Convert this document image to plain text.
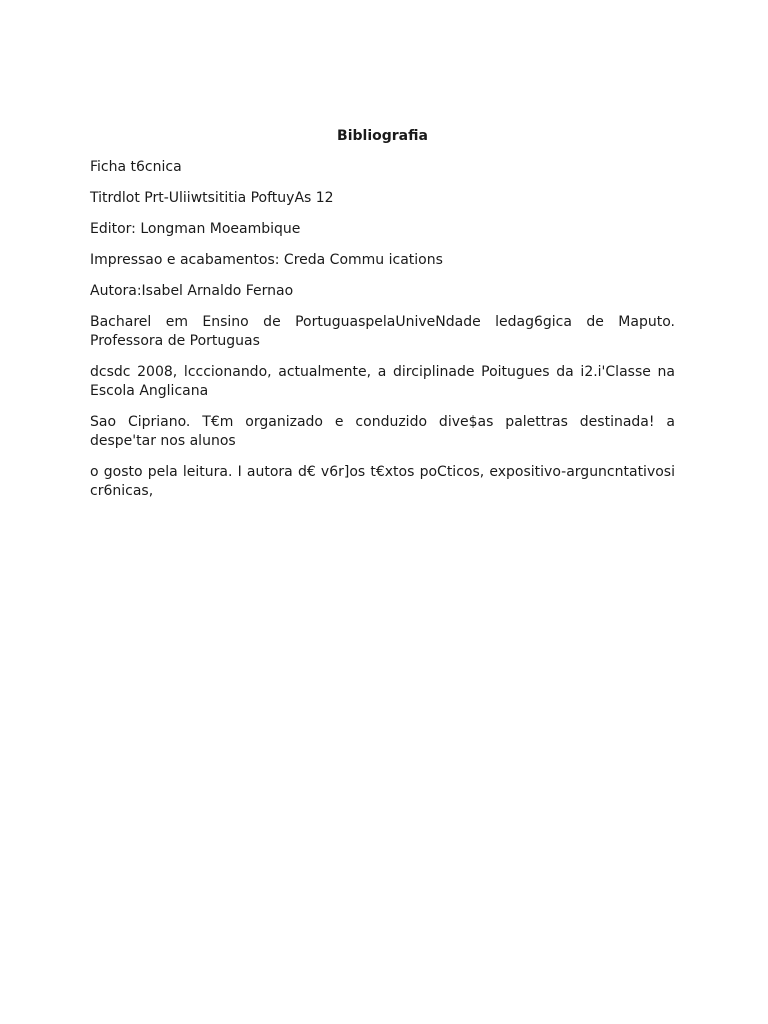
Bibliografia
Ficha t6cnica
Titrdlot Prt-Uliiwtsititia PoftuyAs 12
Editor: Longman Moeambique
Impressao e acabamentos: Creda Commu ications
Autora:Isabel Arnaldo Fernao
Bacharel em Ensino de PortuguaspelaUniveNdade ledag6gica de Maputo. Professora de Portuguas
dcsdc 2008, lcccionando, actualmente, a dirciplinade Poitugues da i2.i'Classe na Escola Anglicana
Sao Cipriano. T€m organizado e conduzido dive$as palettras destinada! a despe'tar nos alunos
o gosto pela leitura. I autora d€ v6r]os t€xtos poCticos, expositivo-arguncntativosi cr6nicas,
